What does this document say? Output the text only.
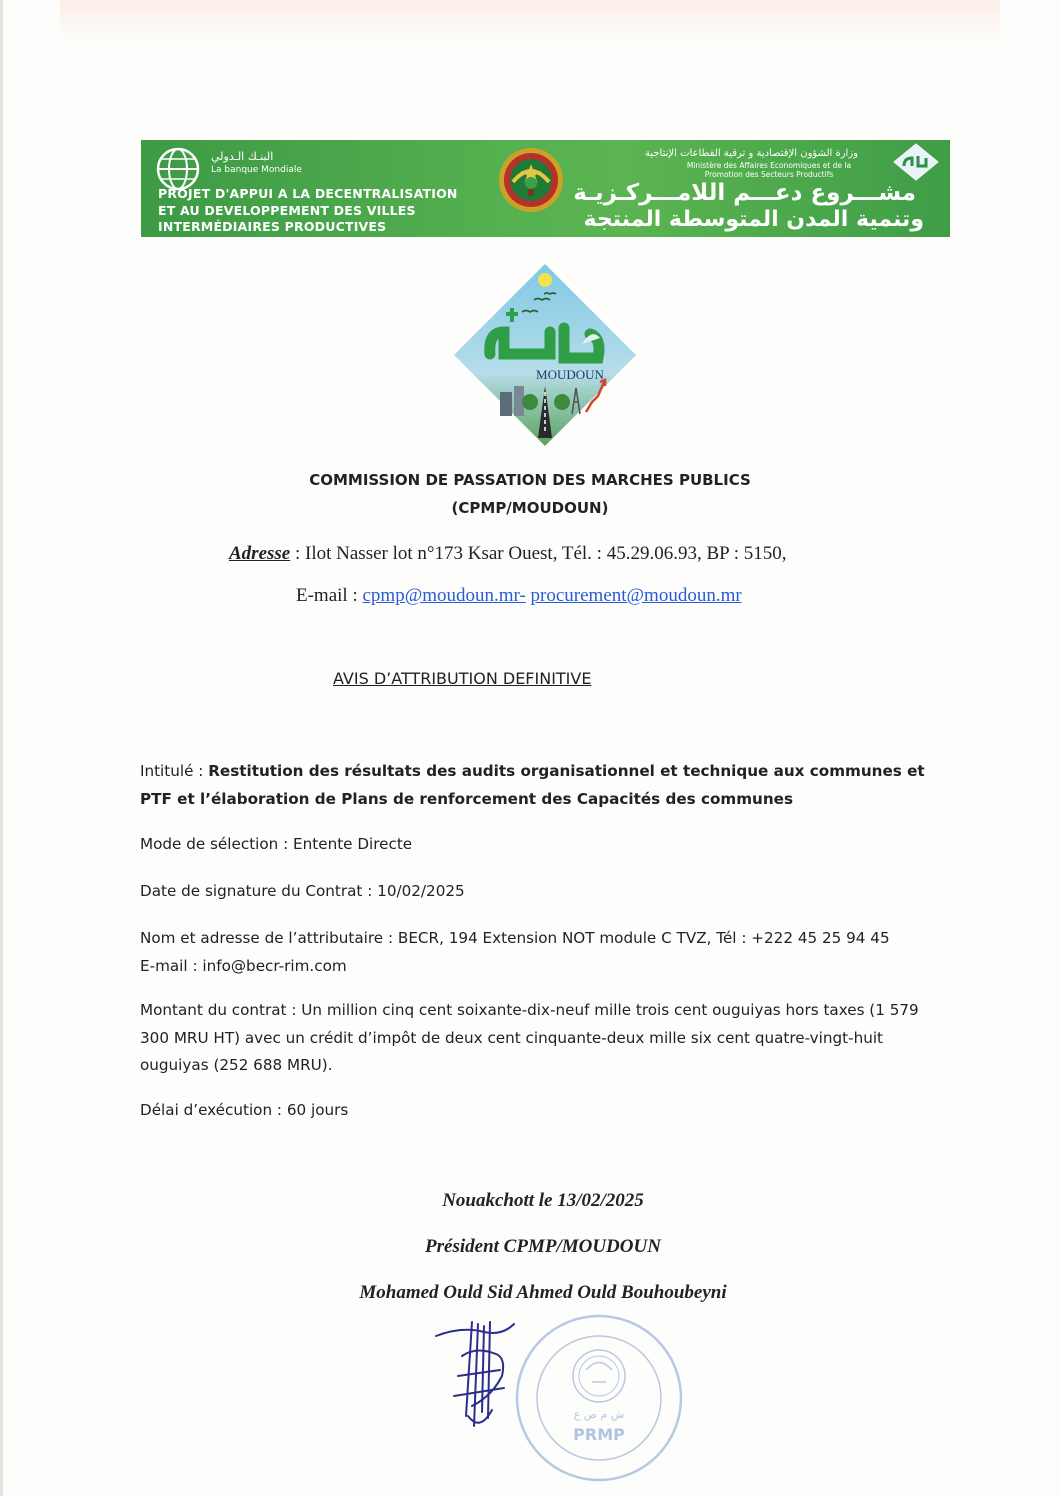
البنـك الـدولي
La banque Mondiale
PROJET D'APPUI A LA DECENTRALISATION
ET AU DEVELOPPEMENT DES VILLES
INTERMÉDIAIRES PRODUCTIVES
وزارة الشؤون الإقتصادية و ترقية القطاعات الإنتاجية
Ministère des Affaires Economiques et de la
Promotion des Secteurs Productifs
مشـــروع دعـــم اللامـــركـزيـة
وتنمية المدن المتوسطة المنتجة
MOUDOUN
COMMISSION DE PASSATION DES MARCHES PUBLICS
(CPMP/MOUDOUN)
Adresse : Ilot Nasser lot n°173 Ksar Ouest, Tél. : 45.29.06.93, BP : 5150,
E-mail : cpmp@moudoun.mr- procurement@moudoun.mr
AVIS D’ATTRIBUTION DEFINITIVE
Intitulé : Restitution des résultats des audits organisationnel et technique aux communes et PTF et l’élaboration de Plans de renforcement des Capacités des communes
Mode de sélection : Entente Directe
Date de signature du Contrat : 10/02/2025
Nom et adresse de l’attributaire : BECR, 194 Extension NOT module C TVZ, Tél : +222 45 25 94 45
E-mail : info@becr-rim.com
Montant du contrat : Un million cinq cent soixante-dix-neuf mille trois cent ouguiyas hors taxes (1 579 300 MRU HT) avec un crédit d’impôt de deux cent cinquante-deux mille six cent quatre-vingt-huit ouguiyas (252 688 MRU).
Délai d’exécution : 60 jours
Nouakchott le 13/02/2025
Président CPMP/MOUDOUN
Mohamed Ould Sid Ahmed Ould Bouhoubeyni
ش م ص ع
PRMP
